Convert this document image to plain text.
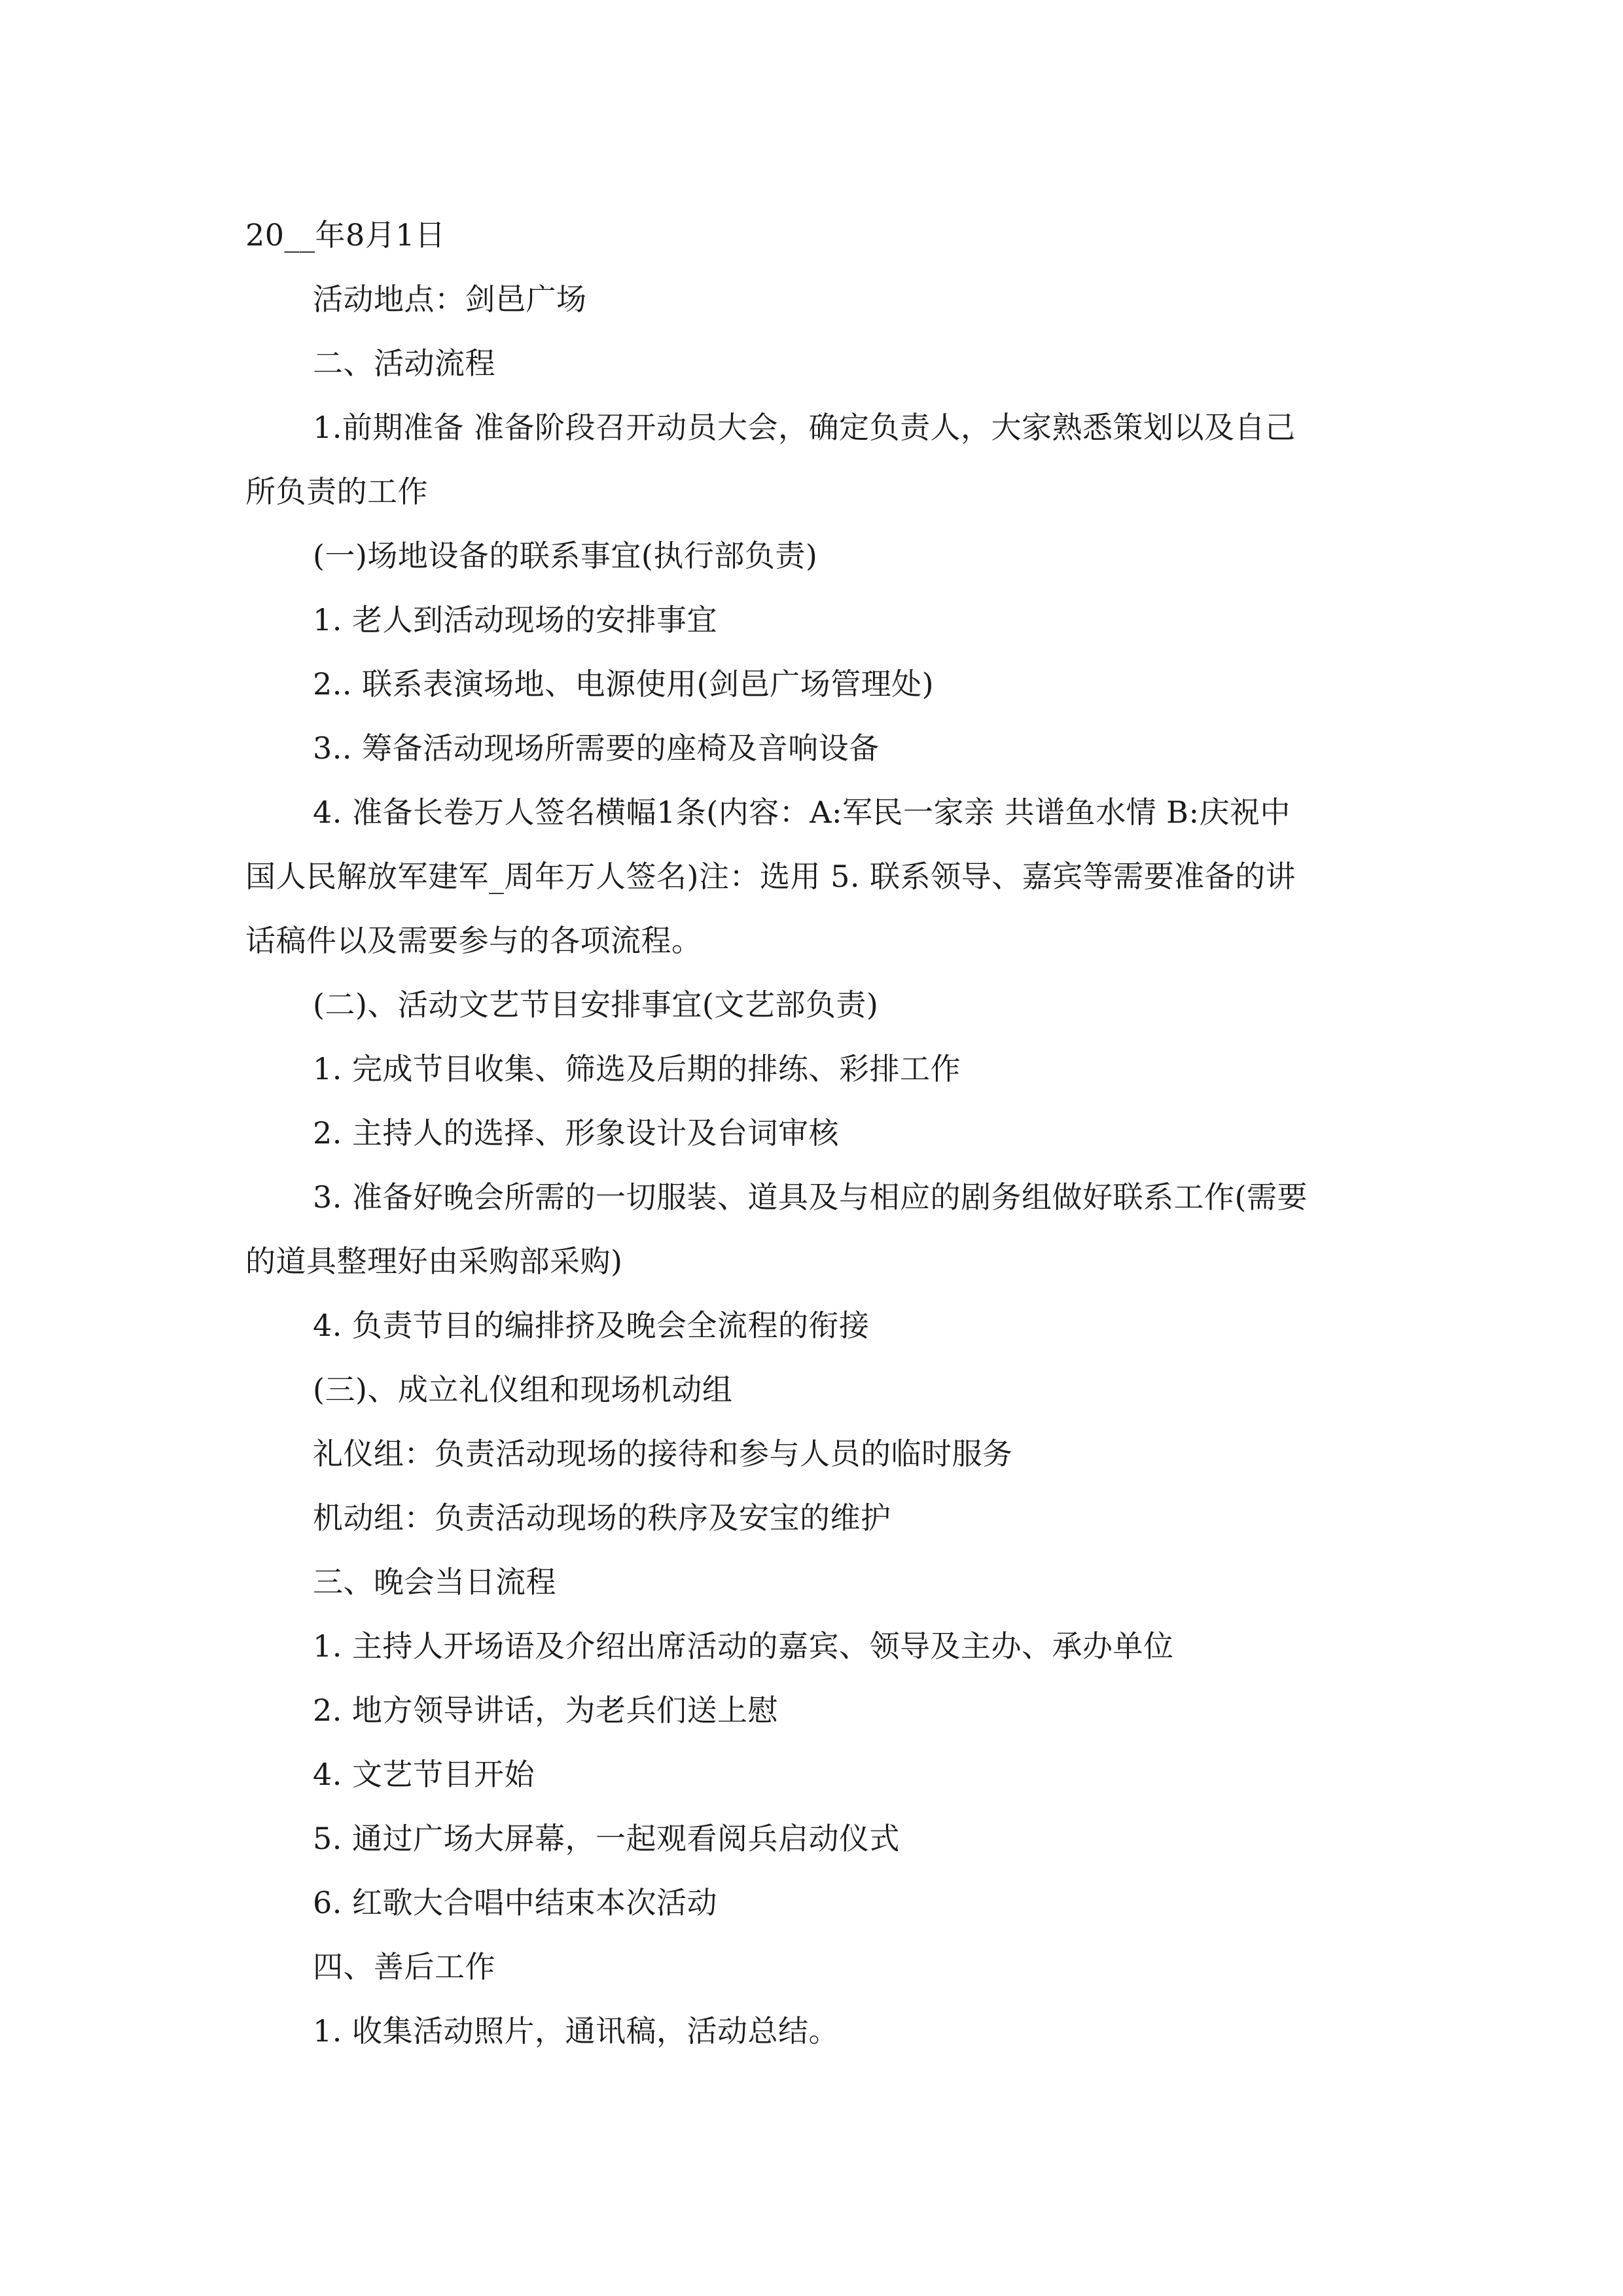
20__年8月1日
活动地点：剑邑广场
二、活动流程
1.前期准备 准备阶段召开动员大会，确定负责人，大家熟悉策划以及自己
所负责的工作
(一)场地设备的联系事宜(执行部负责)
1. 老人到活动现场的安排事宜
2.. 联系表演场地、电源使用(剑邑广场管理处)
3.. 筹备活动现场所需要的座椅及音响设备
4. 准备长卷万人签名横幅1条(内容：A:军民一家亲 共谱鱼水情 B:庆祝中
国人民解放军建军_周年万人签名)注：选用 5. 联系领导、嘉宾等需要准备的讲
话稿件以及需要参与的各项流程。
(二)、活动文艺节目安排事宜(文艺部负责)
1. 完成节目收集、筛选及后期的排练、彩排工作
2. 主持人的选择、形象设计及台词审核
3. 准备好晚会所需的一切服装、道具及与相应的剧务组做好联系工作(需要
的道具整理好由采购部采购)
4. 负责节目的编排挤及晚会全流程的衔接
(三)、成立礼仪组和现场机动组
礼仪组：负责活动现场的接待和参与人员的临时服务
机动组：负责活动现场的秩序及安宝的维护
三、晚会当日流程
1. 主持人开场语及介绍出席活动的嘉宾、领导及主办、承办单位
2. 地方领导讲话，为老兵们送上慰
4. 文艺节目开始
5. 通过广场大屏幕，一起观看阅兵启动仪式
6. 红歌大合唱中结束本次活动
四、善后工作
1. 收集活动照片，通讯稿，活动总结。
